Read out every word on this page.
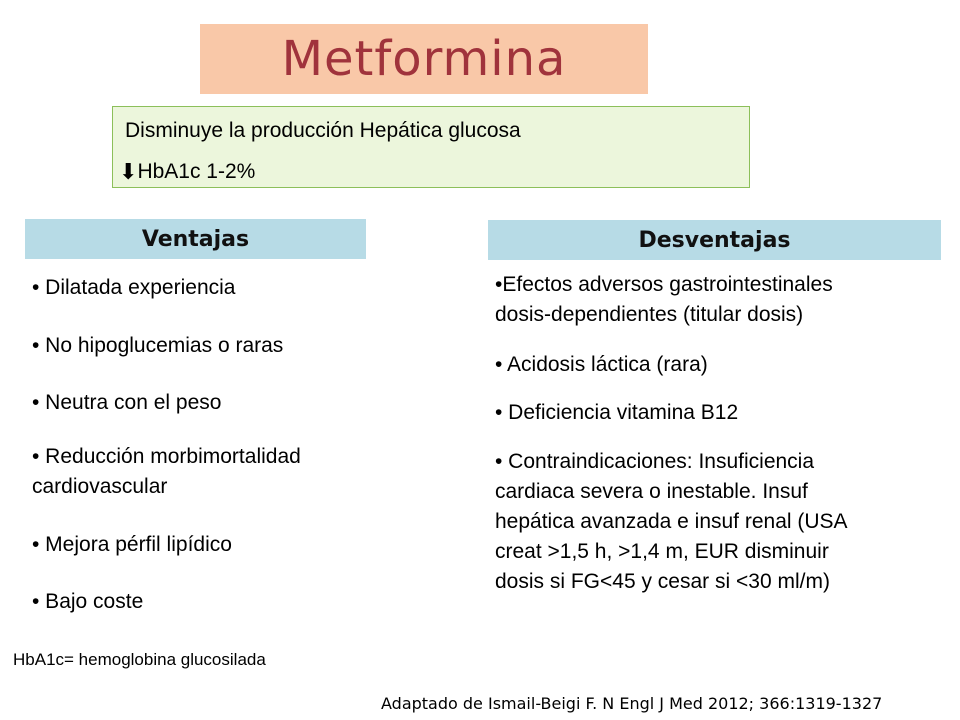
Metformina
Disminuye la producción Hepática glucosa
⬇ HbA1c 1-2%
Ventajas
• Dilatada experiencia
• No hipoglucemias o raras
• Neutra con el peso
• Reducción morbimortalidad
cardiovascular
• Mejora pérfil lipídico
• Bajo coste
Desventajas
•Efectos adversos gastrointestinales
dosis-dependientes (titular dosis)
• Acidosis láctica (rara)
• Deficiencia vitamina B12
• Contraindicaciones: Insuficiencia
cardiaca severa o inestable. Insuf
hepática avanzada e insuf renal (USA
creat >1,5 h, >1,4 m, EUR disminuir
dosis si FG<45 y cesar si <30 ml/m)
HbA1c= hemoglobina glucosilada
Adaptado de Ismail-Beigi F. N Engl J Med 2012; 366:1319-1327
